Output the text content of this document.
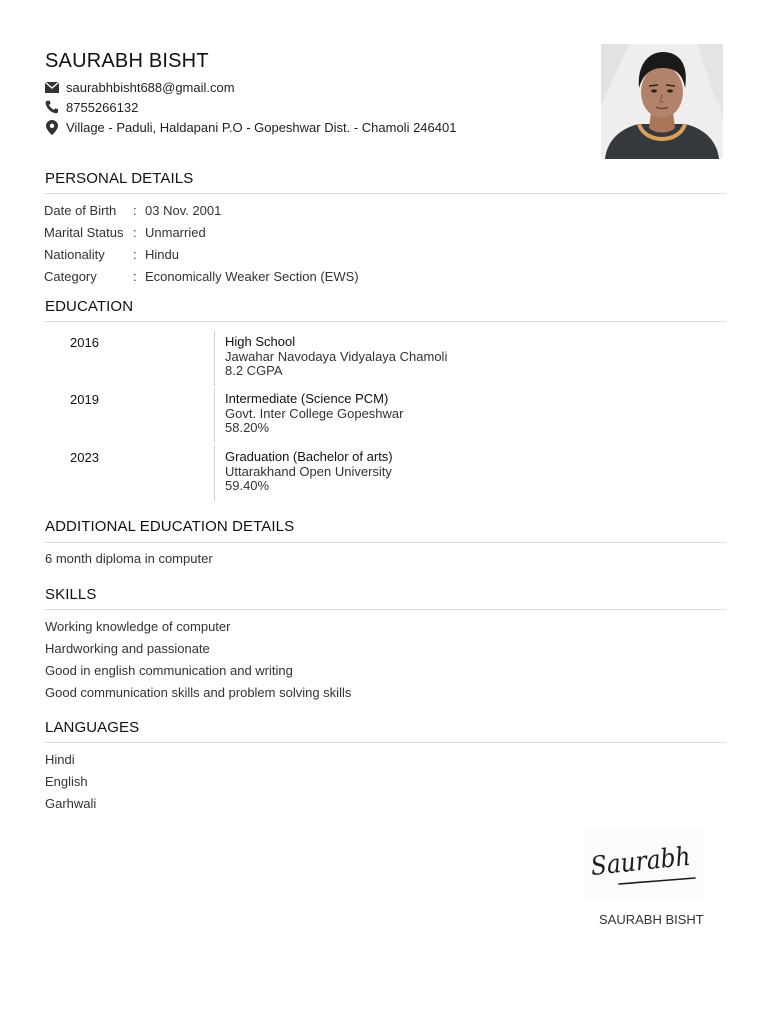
SAURABH BISHT
saurabhbisht688@gmail.com
8755266132
Village - Paduli, Haldapani P.O - Gopeshwar Dist. - Chamoli 246401
PERSONAL DETAILS
Date of Birth	: 03 Nov. 2001
Marital Status : Unmarried
Nationality	: Hindu
Category	: Economically Weaker Section (EWS)
EDUCATION
2016	High School
Jawahar Navodaya Vidyalaya Chamoli
8.2 CGPA
2019	Intermediate (Science PCM)
Govt. Inter College Gopeshwar
58.20%
2023	Graduation (Bachelor of arts)
Uttarakhand Open University
59.40%
ADDITIONAL EDUCATION DETAILS
6 month diploma in computer
SKILLS
Working knowledge of computer
Hardworking and passionate
Good in english communication and writing
Good communication skills and problem solving skills
LANGUAGES
Hindi
English
Garhwali
Saurabh
SAURABH BISHT
